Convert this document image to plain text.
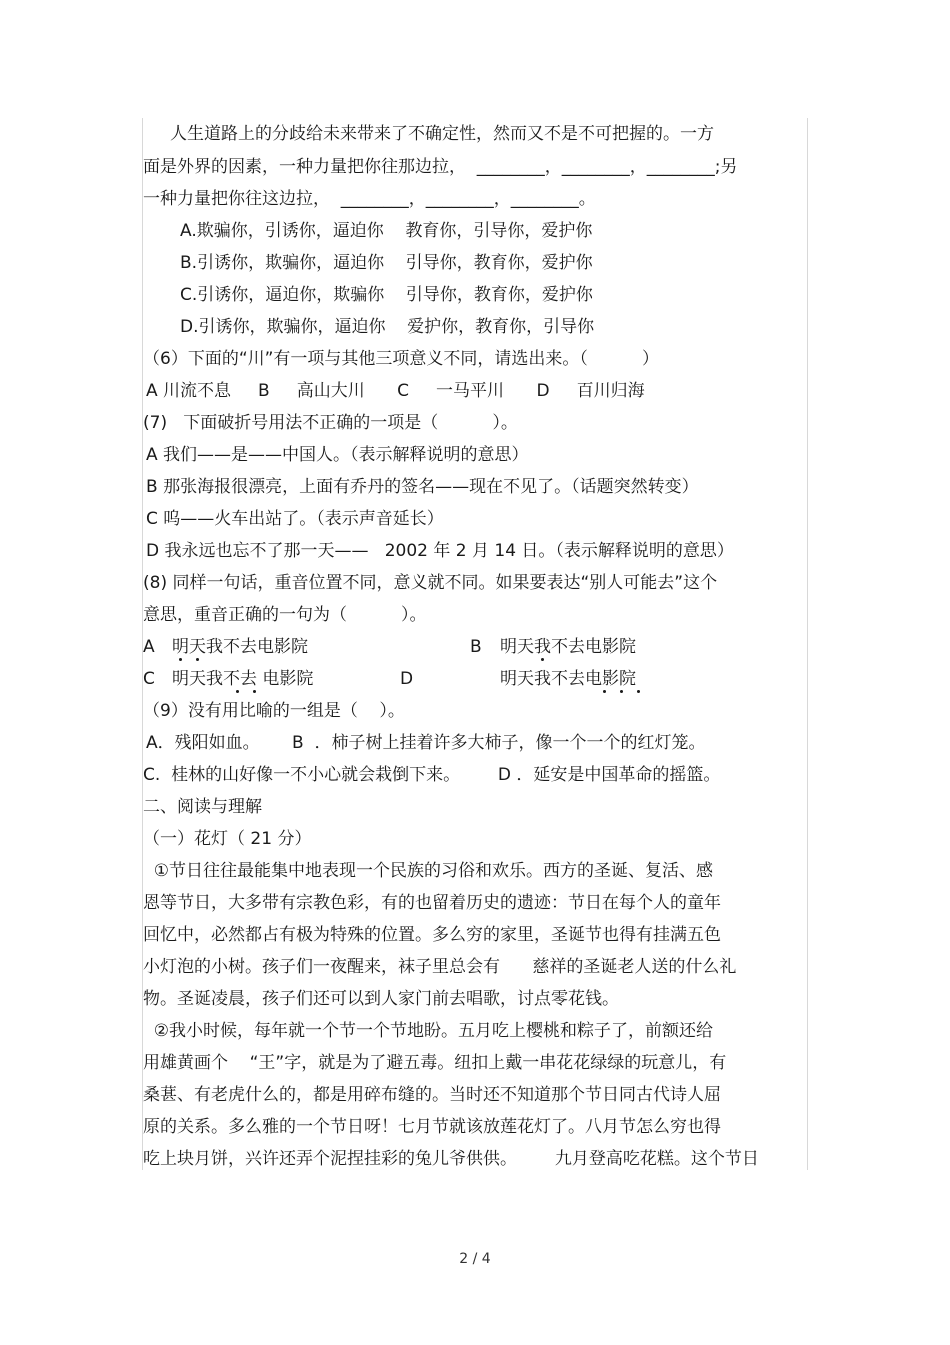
人生道路上的分歧给未来带来了不确定性，然而又不是不可把握的。一方
面是外界的因素，一种力量把你往那边拉，  ________，________，________;另
一种力量把你往这边拉，  ________，________，________。
A.欺骗你，引诱你，逼迫你    教育你，引导你，爱护你
B.引诱你，欺骗你，逼迫你    引导你，教育你，爱护你
C.引诱你，逼迫你，欺骗你    引导你，教育你，爱护你
D.引诱你，欺骗你，逼迫你    爱护你，教育你，引导你
（6）下面的“川”有一项与其他三项意义不同，请选出来。（          ）
A 川流不息     B     高山大川      C     一马平川      D     百川归海
(7)   下面破折号用法不正确的一项是（          ）。
A 我们——是——中国人。（表示解释说明的意思）
B 那张海报很漂亮，上面有乔丹的签名——现在不见了。（话题突然转变）
C 呜——火车出站了。（表示声音延长）
D 我永远也忘不了那一天——   2002 年 2 月 14 日。（表示解释说明的意思）
(8) 同样一句话，重音位置不同，意义就不同。如果要表达“别人可能去”这个
意思，重音正确的一句为（          ）。
A 明天我不去电影院	B 明天我不去电影院
C 明天我不去 电影院	D	明天我不去电影院
（9）没有用比喻的一组是（    ）。
A．残阳如血。      B  ．柿子树上挂着许多大柿子，像一个一个的红灯笼。
C.  桂林的山好像一不小心就会栽倒下来。       D ．延安是中国革命的摇篮。
二、阅读与理解
（一）花灯（ 21 分）
①节日往往最能集中地表现一个民族的习俗和欢乐。西方的圣诞、复活、感
恩等节日，大多带有宗教色彩，有的也留着历史的遗迹：节日在每个人的童年
回忆中，必然都占有极为特殊的位置。多么穷的家里，圣诞节也得有挂满五色
小灯泡的小树。孩子们一夜醒来，袜子里总会有      慈祥的圣诞老人送的什么礼
物。圣诞凌晨，孩子们还可以到人家门前去唱歌，讨点零花钱。
②我小时候，每年就一个节一个节地盼。五月吃上樱桃和粽子了，前额还给
用雄黄画个    “王”字，就是为了避五毒。纽扣上戴一串花花绿绿的玩意儿，有
桑葚、有老虎什么的，都是用碎布缝的。当时还不知道那个节日同古代诗人屈
原的关系。多么雅的一个节日呀！七月节就该放莲花灯了。八月节怎么穷也得
吃上块月饼，兴许还弄个泥捏挂彩的兔儿爷供供。       九月登高吃花糕。这个节日
2 / 4
